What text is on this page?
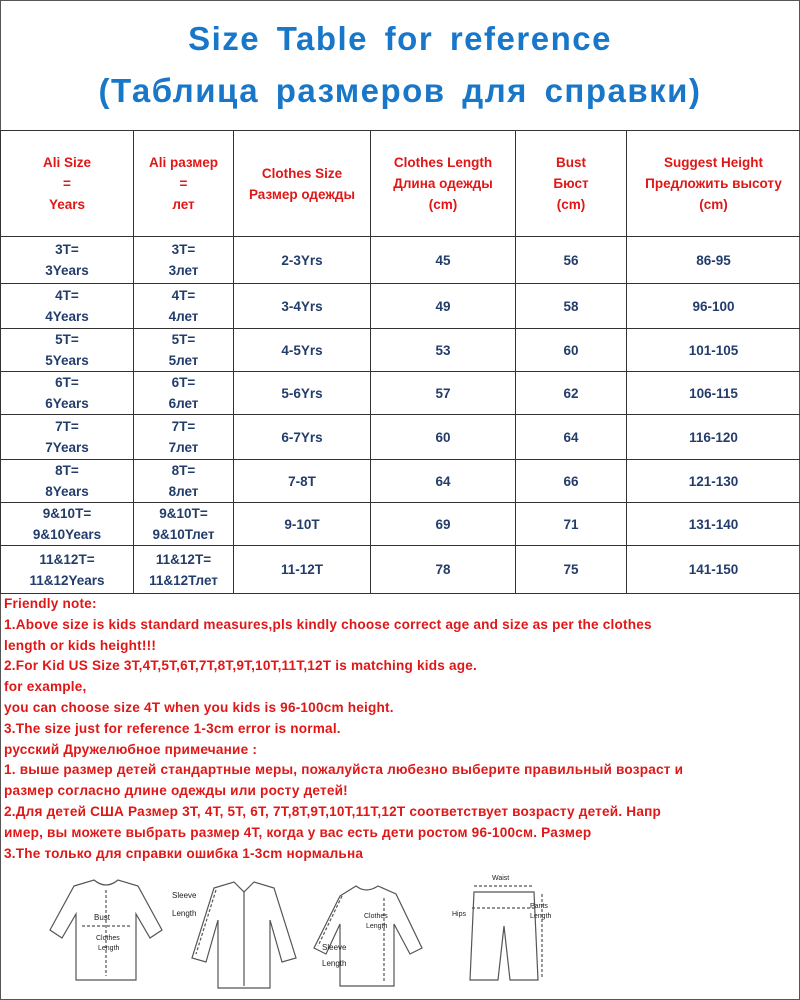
Size Table for reference
(Таблица размеров для справки)
Ali Size
=
Years	Ali размер
=
лет	Clothes Size
Размер одежды	Clothes Length
Длина одежды
(cm)	Bust
Бюст
(cm)	Suggest Height
Предложить высоту
(cm)

3T=
3Years	3T=
3лет	2-3Yrs	45	56	86-95

4T=
4Years	4T=
4лет	3-4Yrs	49	58	96-100

5T=
5Years	5T=
5лет	4-5Yrs	53	60	101-105

6T=
6Years	6T=
6лет	5-6Yrs	57	62	106-115

7T=
7Years	7T=
7лет	6-7Yrs	60	64	116-120

8T=
8Years	8T=
8лет	7-8T	64	66	121-130

9&10T=
9&10Years	9&10T=
9&10Тлет	9-10T	69	71	131-140

11&12T=
11&12Years	11&12T=
11&12Тлет	11-12T	78	75	141-150
Friendly note:
1.Above size is kids standard measures,pls kindly choose correct age and size as per the clothes
length or kids height!!!
2.For Kid US Size 3T,4T,5T,6T,7T,8T,9T,10T,11T,12T is matching kids age.
for example,
you can choose size 4T when you kids is 96-100cm height.
3.The size just for reference 1-3cm error is normal.
русский Дружелюбное примечание :
1. выше размер детей стандартные меры, пожалуйста любезно выберите правильный возраст и
размер согласно длине одежды или росту детей!
2.Для детей США Размер 3T, 4T, 5T, 6T, 7T,8T,9T,10T,11T,12T соответствует возрасту детей. Напр
имер, вы можете выбрать размер 4T, когда у вас есть дети ростом 96-100см. Размер
3.The только для справки ошибка 1-3cm нормальна
Bust
Clothes
Length
Sleeve
Length	Clothes
Length
Sleeve
Length
Waist
Hips
Pants
Length
